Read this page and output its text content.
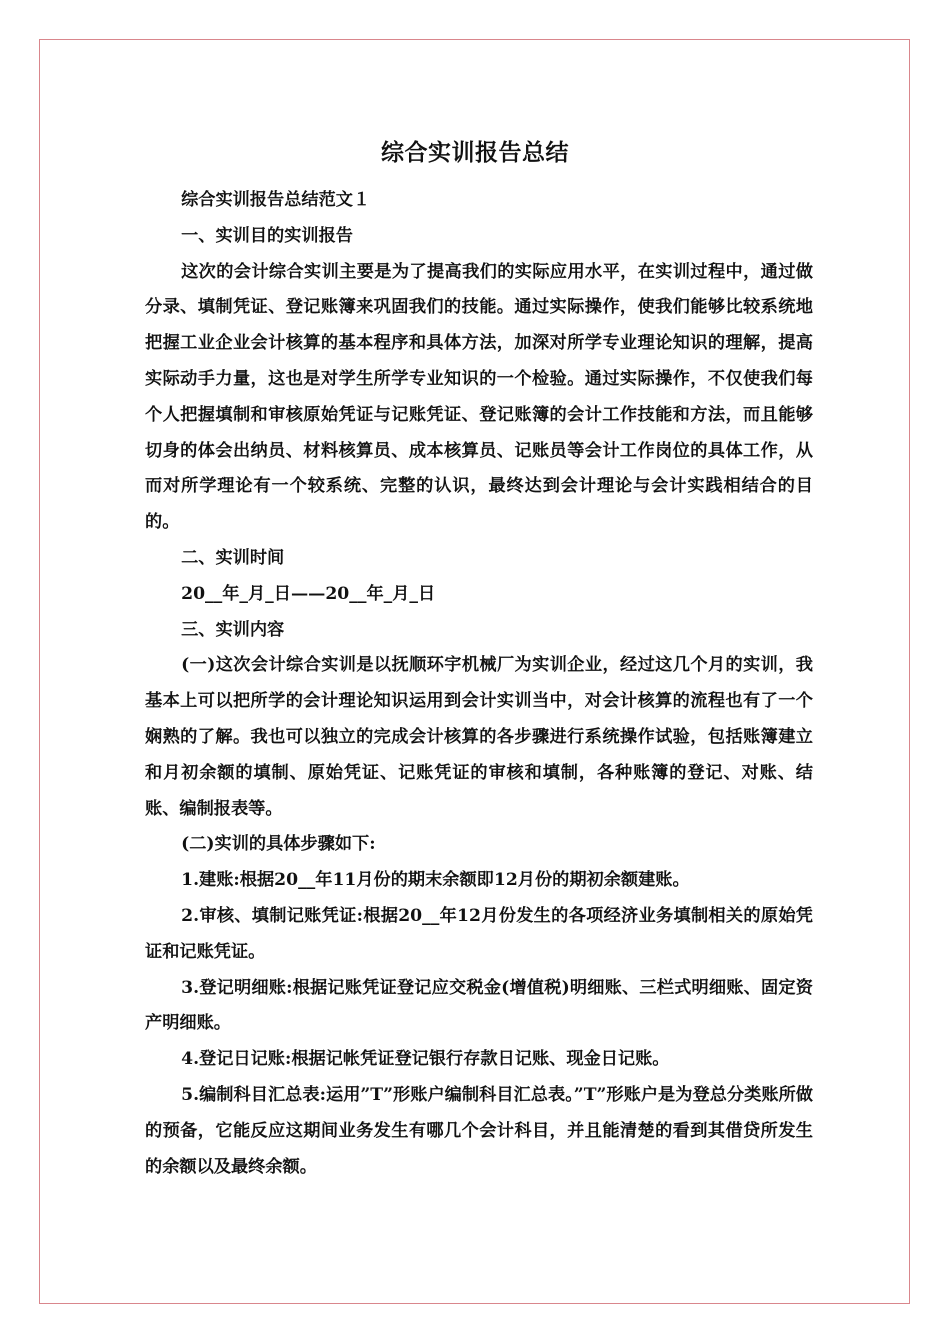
综合实训报告总结

综合实训报告总结范文１

一、实训目的实训报告

这次的会计综合实训主要是为了提高我们的实际应用水平，在实训过程中，通过做分录、填制凭证、登记账簿来巩固我们的技能。通过实际操作，使我们能够比较系统地把握工业企业会计核算的基本程序和具体方法，加深对所学专业理论知识的理解，提高实际动手力量，这也是对学生所学专业知识的一个检验。通过实际操作，不仅使我们每个人把握填制和审核原始凭证与记账凭证、登记账簿的会计工作技能和方法，而且能够切身的体会出纳员、材料核算员、成本核算员、记账员等会计工作岗位的具体工作，从而对所学理论有一个较系统、完整的认识，最终达到会计理论与会计实践相结合的目的。

二、实训时间

20__年_月_日——20__年_月_日

三、实训内容

(一)这次会计综合实训是以抚顺环宇机械厂为实训企业，经过这几个月的实训，我基本上可以把所学的会计理论知识运用到会计实训当中，对会计核算的流程也有了一个娴熟的了解。我也可以独立的完成会计核算的各步骤进行系统操作试验，包括账簿建立和月初余额的填制、原始凭证、记账凭证的审核和填制，各种账簿的登记、对账、结账、编制报表等。

(二)实训的具体步骤如下:

1.建账:根据20__年11月份的期末余额即12月份的期初余额建账。

2.审核、填制记账凭证:根据20__年12月份发生的各项经济业务填制相关的原始凭证和记账凭证。

3.登记明细账:根据记账凭证登记应交税金(增值税)明细账、三栏式明细账、固定资产明细账。

4.登记日记账:根据记帐凭证登记银行存款日记账、现金日记账。

5.编制科目汇总表:运用”T”形账户编制科目汇总表。”T”形账户是为登总分类账所做的预备，它能反应这期间业务发生有哪几个会计科目，并且能清楚的看到其借贷所发生的余额以及最终余额。
